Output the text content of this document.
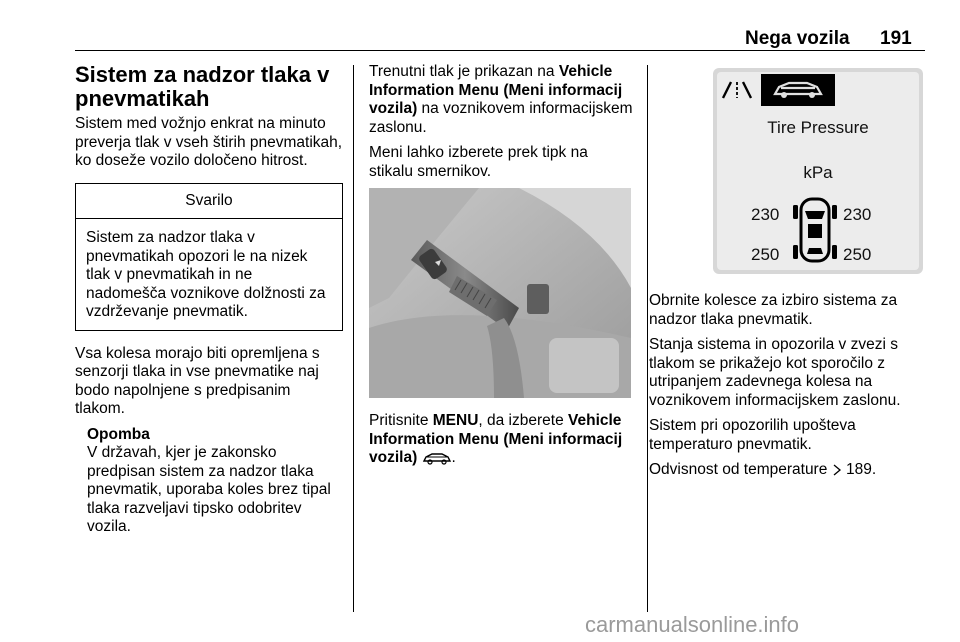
Nega vozila 191
Sistem za nadzor tlaka v pnevmatikah

Sistem med vožnjo enkrat na minuto preverja tlak v vseh štirih pnevmatikah, ko doseže vozilo določeno hitrost.

Svarilo
Sistem za nadzor tlaka v pnevmatikah opozori le na nizek tlak v pnevmatikah in ne nadomešča voznikove dolžnosti za vzdrževanje pnevmatik.

Vsa kolesa morajo biti opremljena s senzorji tlaka in vse pnevmatike naj bodo napolnjene s predpisanim tlakom.

Opomba
V državah, kjer je zakonsko predpisan sistem za nadzor tlaka pnevmatik, uporaba koles brez tipal tlaka razveljavi tipsko odobritev vozila.

Trenutni tlak je prikazan na Vehicle Information Menu (Meni informacij vozila) na voznikovem informacijskem zaslonu.

Meni lahko izberete prek tipk na stikalu smernikov.

Pritisnite MENU, da izberete Vehicle Information Menu (Meni informacij vozila) .

Tire Pressure
kPa
230	230
250	250

Obrnite kolesce za izbiro sistema za nadzor tlaka pnevmatik.

Stanja sistema in opozorila v zvezi s tlakom se prikažejo kot sporočilo z utripanjem zadevnega kolesa na voznikovem informacijskem zaslonu.

Sistem pri opozorilih upošteva temperaturo pnevmatik.

Odvisnost od temperature  189.

carmanualsonline.info
